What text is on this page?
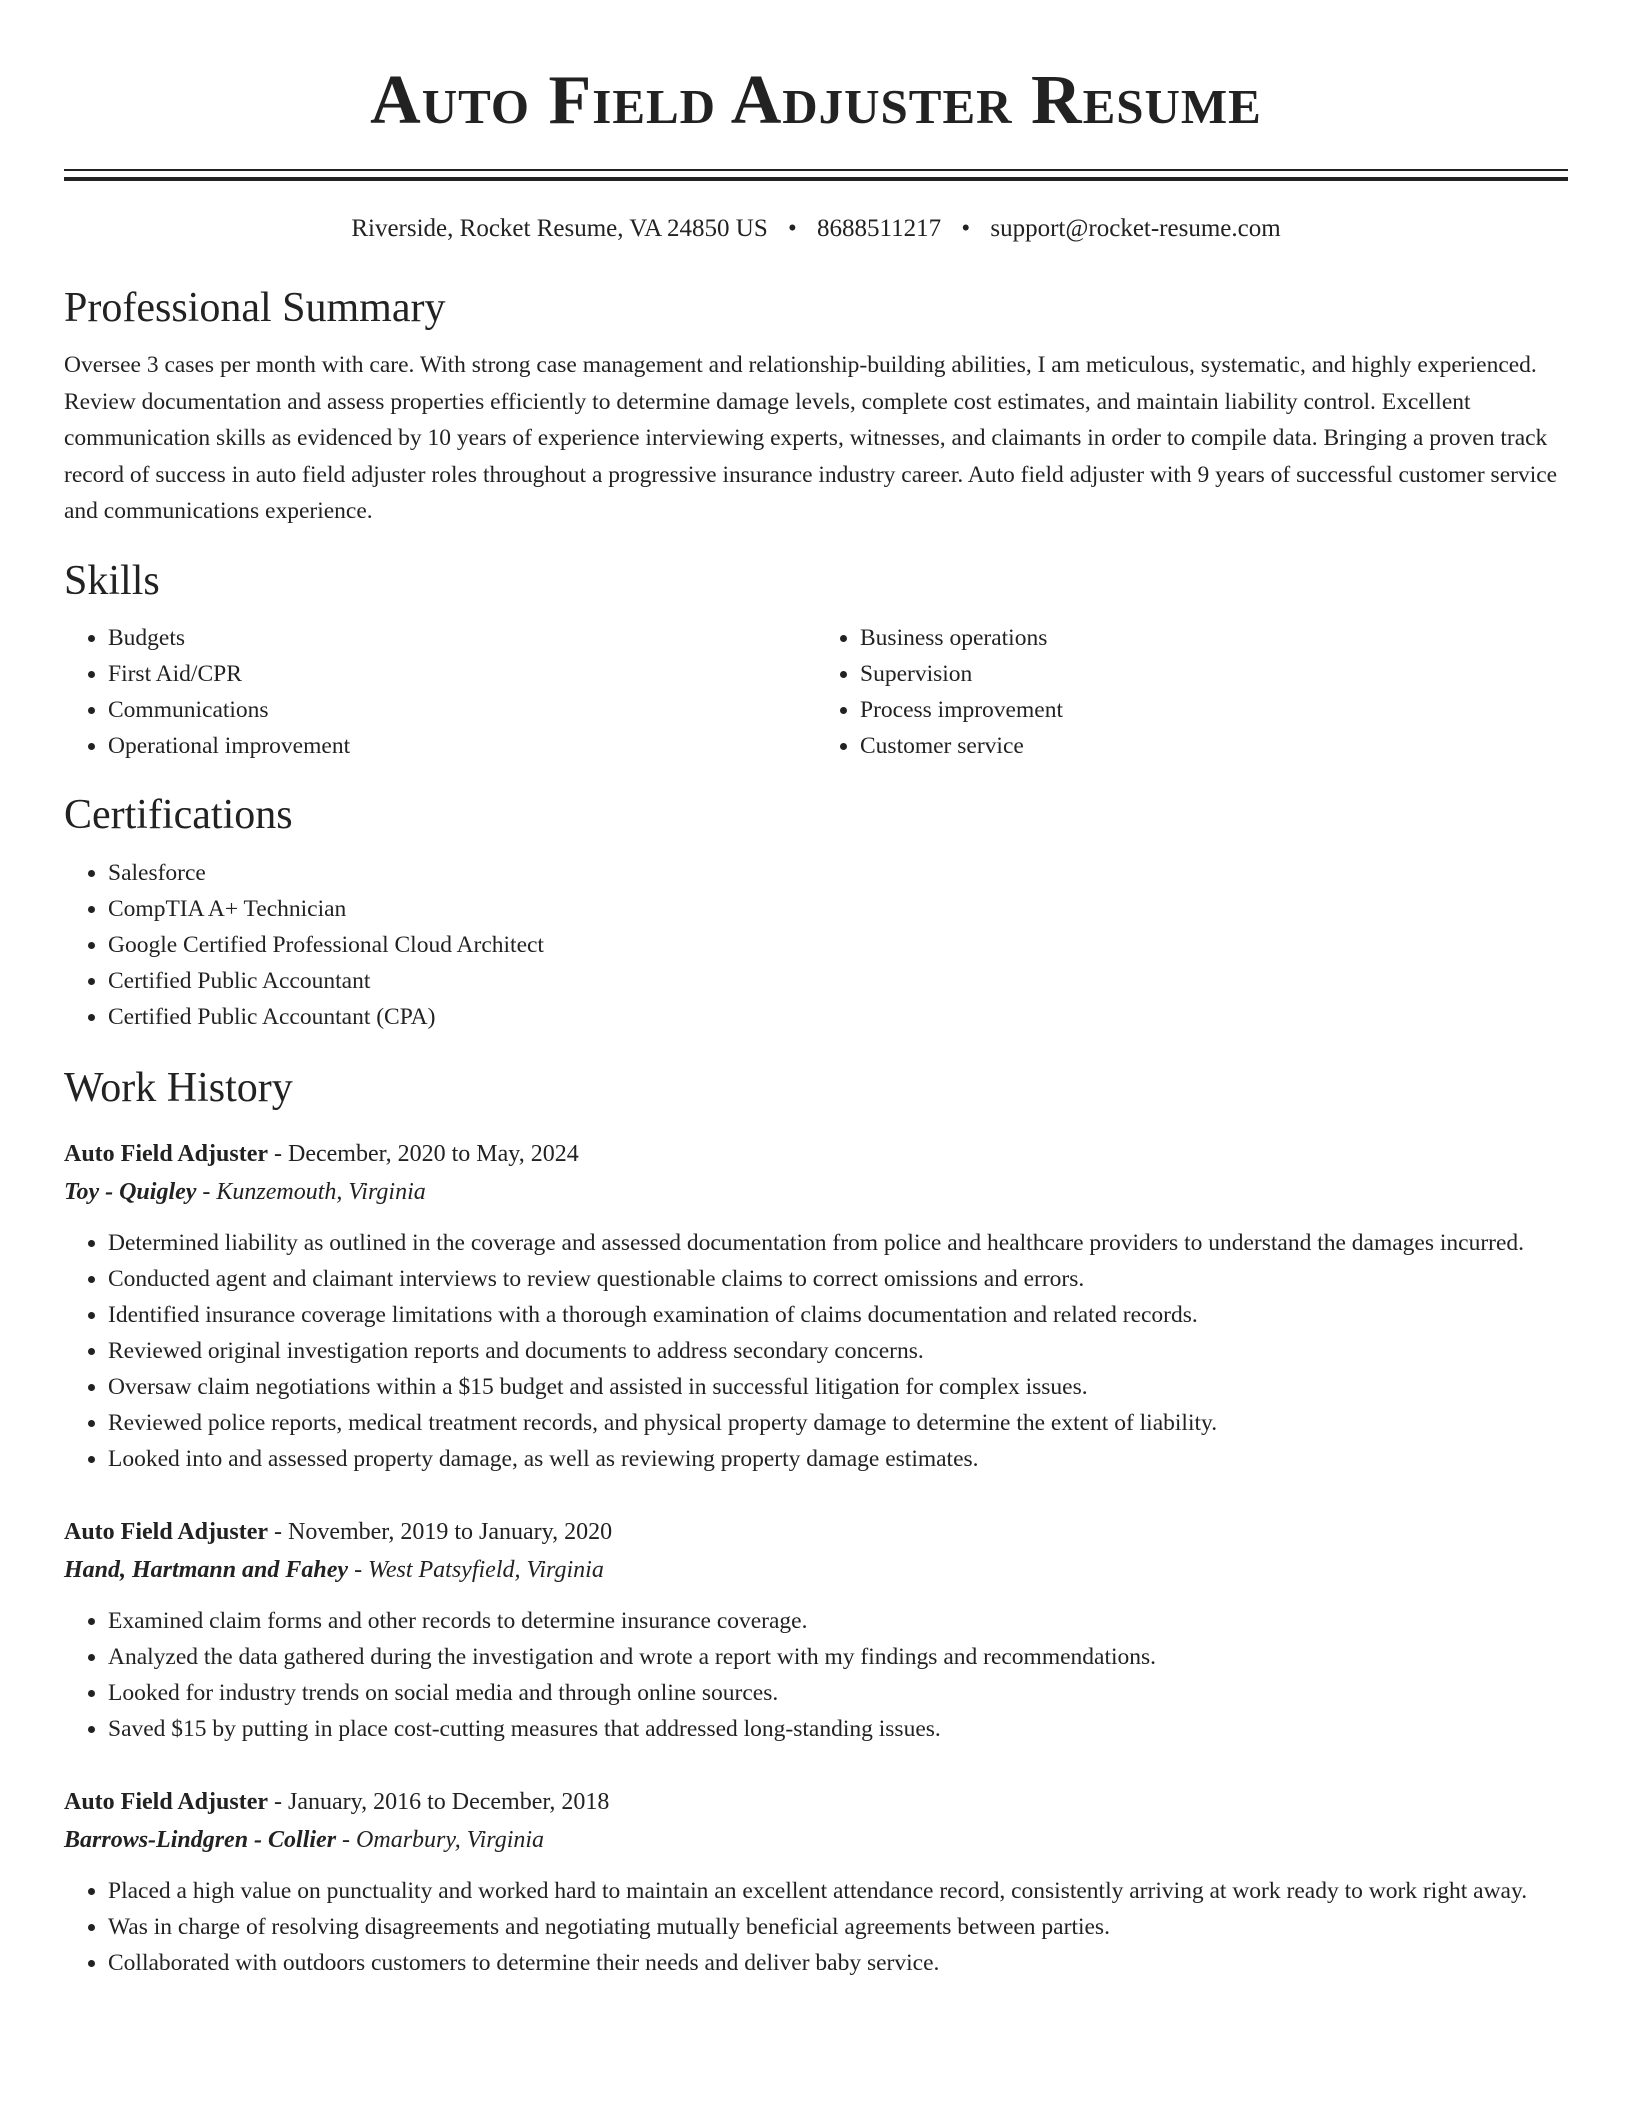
Auto Field Adjuster Resume
Riverside, Rocket Resume, VA 24850 US • 8688511217 • support@rocket-resume.com
Professional Summary
Oversee 3 cases per month with care. With strong case management and relationship-building abilities, I am meticulous, systematic, and highly experienced. Review documentation and assess properties efficiently to determine damage levels, complete cost estimates, and maintain liability control. Excellent communication skills as evidenced by 10 years of experience interviewing experts, witnesses, and claimants in order to compile data. Bringing a proven track record of success in auto field adjuster roles throughout a progressive insurance industry career. Auto field adjuster with 9 years of successful customer service and communications experience.
Skills
• Budgets
• First Aid/CPR
• Communications
• Operational improvement
• Business operations
• Supervision
• Process improvement
• Customer service
Certifications
• Salesforce
• CompTIA A+ Technician
• Google Certified Professional Cloud Architect
• Certified Public Accountant
• Certified Public Accountant (CPA)
Work History
Auto Field Adjuster - December, 2020 to May, 2024
Toy - Quigley - Kunzemouth, Virginia
• Determined liability as outlined in the coverage and assessed documentation from police and healthcare providers to understand the damages incurred.
• Conducted agent and claimant interviews to review questionable claims to correct omissions and errors.
• Identified insurance coverage limitations with a thorough examination of claims documentation and related records.
• Reviewed original investigation reports and documents to address secondary concerns.
• Oversaw claim negotiations within a $15 budget and assisted in successful litigation for complex issues.
• Reviewed police reports, medical treatment records, and physical property damage to determine the extent of liability.
• Looked into and assessed property damage, as well as reviewing property damage estimates.
Auto Field Adjuster - November, 2019 to January, 2020
Hand, Hartmann and Fahey - West Patsyfield, Virginia
• Examined claim forms and other records to determine insurance coverage.
• Analyzed the data gathered during the investigation and wrote a report with my findings and recommendations.
• Looked for industry trends on social media and through online sources.
• Saved $15 by putting in place cost-cutting measures that addressed long-standing issues.
Auto Field Adjuster - January, 2016 to December, 2018
Barrows-Lindgren - Collier - Omarbury, Virginia
• Placed a high value on punctuality and worked hard to maintain an excellent attendance record, consistently arriving at work ready to work right away.
• Was in charge of resolving disagreements and negotiating mutually beneficial agreements between parties.
• Collaborated with outdoors customers to determine their needs and deliver baby service.
